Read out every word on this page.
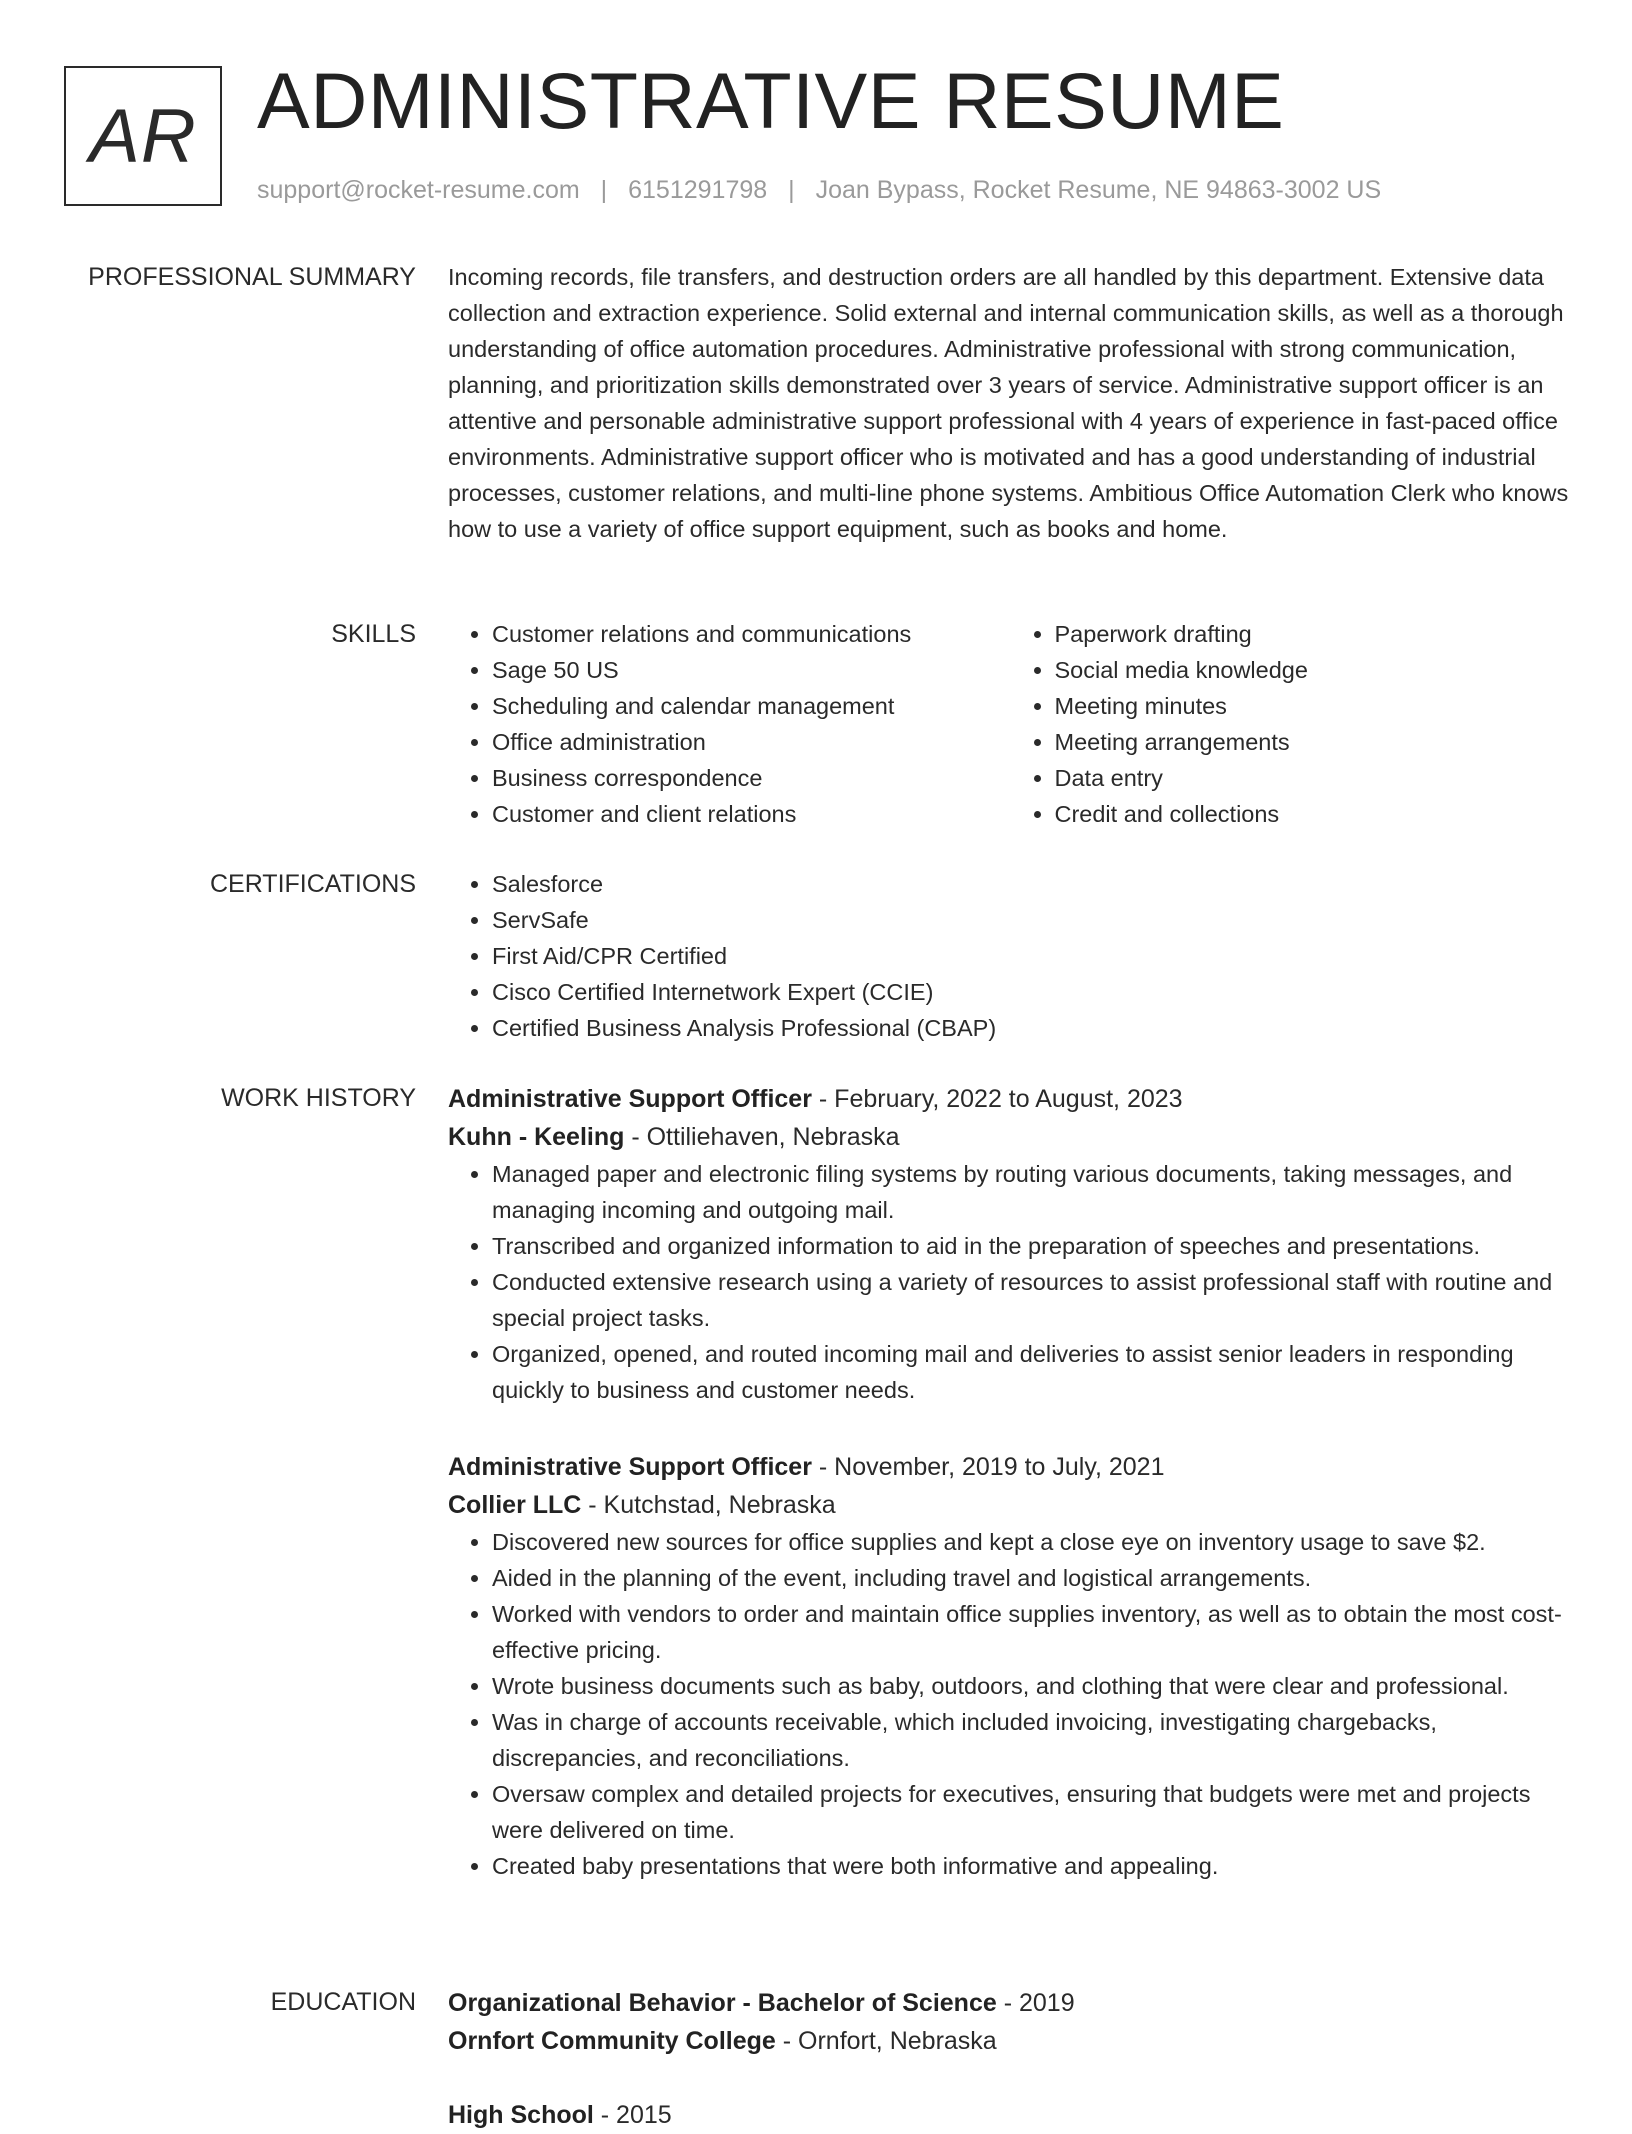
AR ADMINISTRATIVE RESUME
support@rocket-resume.com | 6151291798 | Joan Bypass, Rocket Resume, NE 94863-3002 US
PROFESSIONAL SUMMARY Incoming records, file transfers, and destruction orders are all handled by this department. Extensive data collection and extraction experience. Solid external and internal communication skills, as well as a thorough understanding of office automation procedures. Administrative professional with strong communication, planning, and prioritization skills demonstrated over 3 years of service. Administrative support officer is an attentive and personable administrative support professional with 4 years of experience in fast-paced office environments. Administrative support officer who is motivated and has a good understanding of industrial processes, customer relations, and multi-line phone systems. Ambitious Office Automation Clerk who knows how to use a variety of office support equipment, such as books and home.

SKILLS	• Customer relations and communications
• Sage 50 US
• Scheduling and calendar management
• Office administration
• Business correspondence
• Customer and client relations
• Paperwork drafting
• Social media knowledge
• Meeting minutes
• Meeting arrangements
• Data entry
• Credit and collections
CERTIFICATIONS	• Salesforce
• ServSafe
• First Aid/CPR Certified
• Cisco Certified Internetwork Expert (CCIE)
• Certified Business Analysis Professional (CBAP)
WORK HISTORY Administrative Support Officer - February, 2022 to August, 2023
Kuhn - Keeling - Ottiliehaven, Nebraska
• Managed paper and electronic filing systems by routing various documents, taking messages, and managing incoming and outgoing mail.
• Transcribed and organized information to aid in the preparation of speeches and presentations.
• Conducted extensive research using a variety of resources to assist professional staff with routine and special project tasks.
• Organized, opened, and routed incoming mail and deliveries to assist senior leaders in responding quickly to business and customer needs.
Administrative Support Officer - November, 2019 to July, 2021
Collier LLC - Kutchstad, Nebraska
• Discovered new sources for office supplies and kept a close eye on inventory usage to save $2.
• Aided in the planning of the event, including travel and logistical arrangements.
• Worked with vendors to order and maintain office supplies inventory, as well as to obtain the most cost-effective pricing.
• Wrote business documents such as baby, outdoors, and clothing that were clear and professional.
• Was in charge of accounts receivable, which included invoicing, investigating chargebacks, discrepancies, and reconciliations.
• Oversaw complex and detailed projects for executives, ensuring that budgets were met and projects were delivered on time.
• Created baby presentations that were both informative and appealing.
EDUCATION Organizational Behavior - Bachelor of Science - 2019
Ornfort Community College - Ornfort, Nebraska
High School - 2015
